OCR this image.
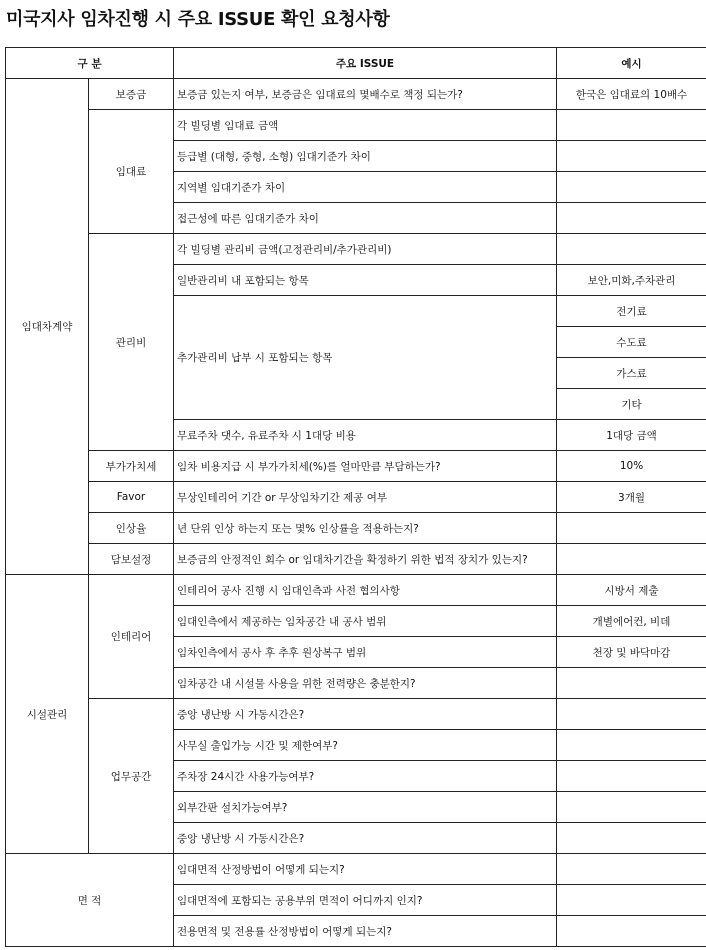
미국지사 임차진행 시 주요 ISSUE 확인 요청사항
구 분		주요 ISSUE	예시
임대차계약	보증금	보증금 있는지 여부, 보증금은 임대료의 몇배수로 책정 되는가?	한국은 임대료의 10배수
	임대료	각 빌딩별 임대료 금액	
		등급별 (대형, 중형, 소형) 임대기준가 차이	
		지역별 임대기준가 차이	
		접근성에 따른 임대기준가 차이	
	관리비	각 빌딩별 관리비 금액(고정관리비/추가관리비)	
		일반관리비 내 포함되는 항목	보안,미화,주차관리
		추가관리비 납부 시 포함되는 항목	전기료
			수도료
			가스료
			기타
		무료주차 댓수, 유료주차 시 1대당 비용	1대당 금액
	부가가치세	임차 비용지급 시 부가가치세(%)를 얼마만큼 부담하는가?	10%
	Favor	무상인테리어 기간 or 무상임차기간 제공 여부	3개월
	인상율	년 단위 인상 하는지 또는 몇% 인상률을 적용하는지?	
	담보설정	보증금의 안정적인 회수 or 임대차기간을 확정하기 위한 법적 장치가 있는지?	
시설관리	인테리어	인테리어 공사 진행 시 임대인측과 사전 협의사항	시방서 제출
		임대인측에서 제공하는 임차공간 내 공사 범위	개별에어컨, 비데
		임차인측에서 공사 후 추후 원상복구 범위	천장 및 바닥마감
		임차공간 내 시설물 사용을 위한 전력량은 충분한지?	
	업무공간	중앙 냉난방 시 가동시간은?	
		사무실 출입가능 시간 및 제한여부?	
		주차장 24시간 사용가능여부?	
		외부간판 설치가능여부?	
		중앙 냉난방 시 가동시간은?	
면 적		임대면적 산정방법이 어떻게 되는지?	
		임대면적에 포함되는 공용부위 면적이 어디까지 인지?	
		전용면적 및 전용률 산정방법이 어떻게 되는지?	
